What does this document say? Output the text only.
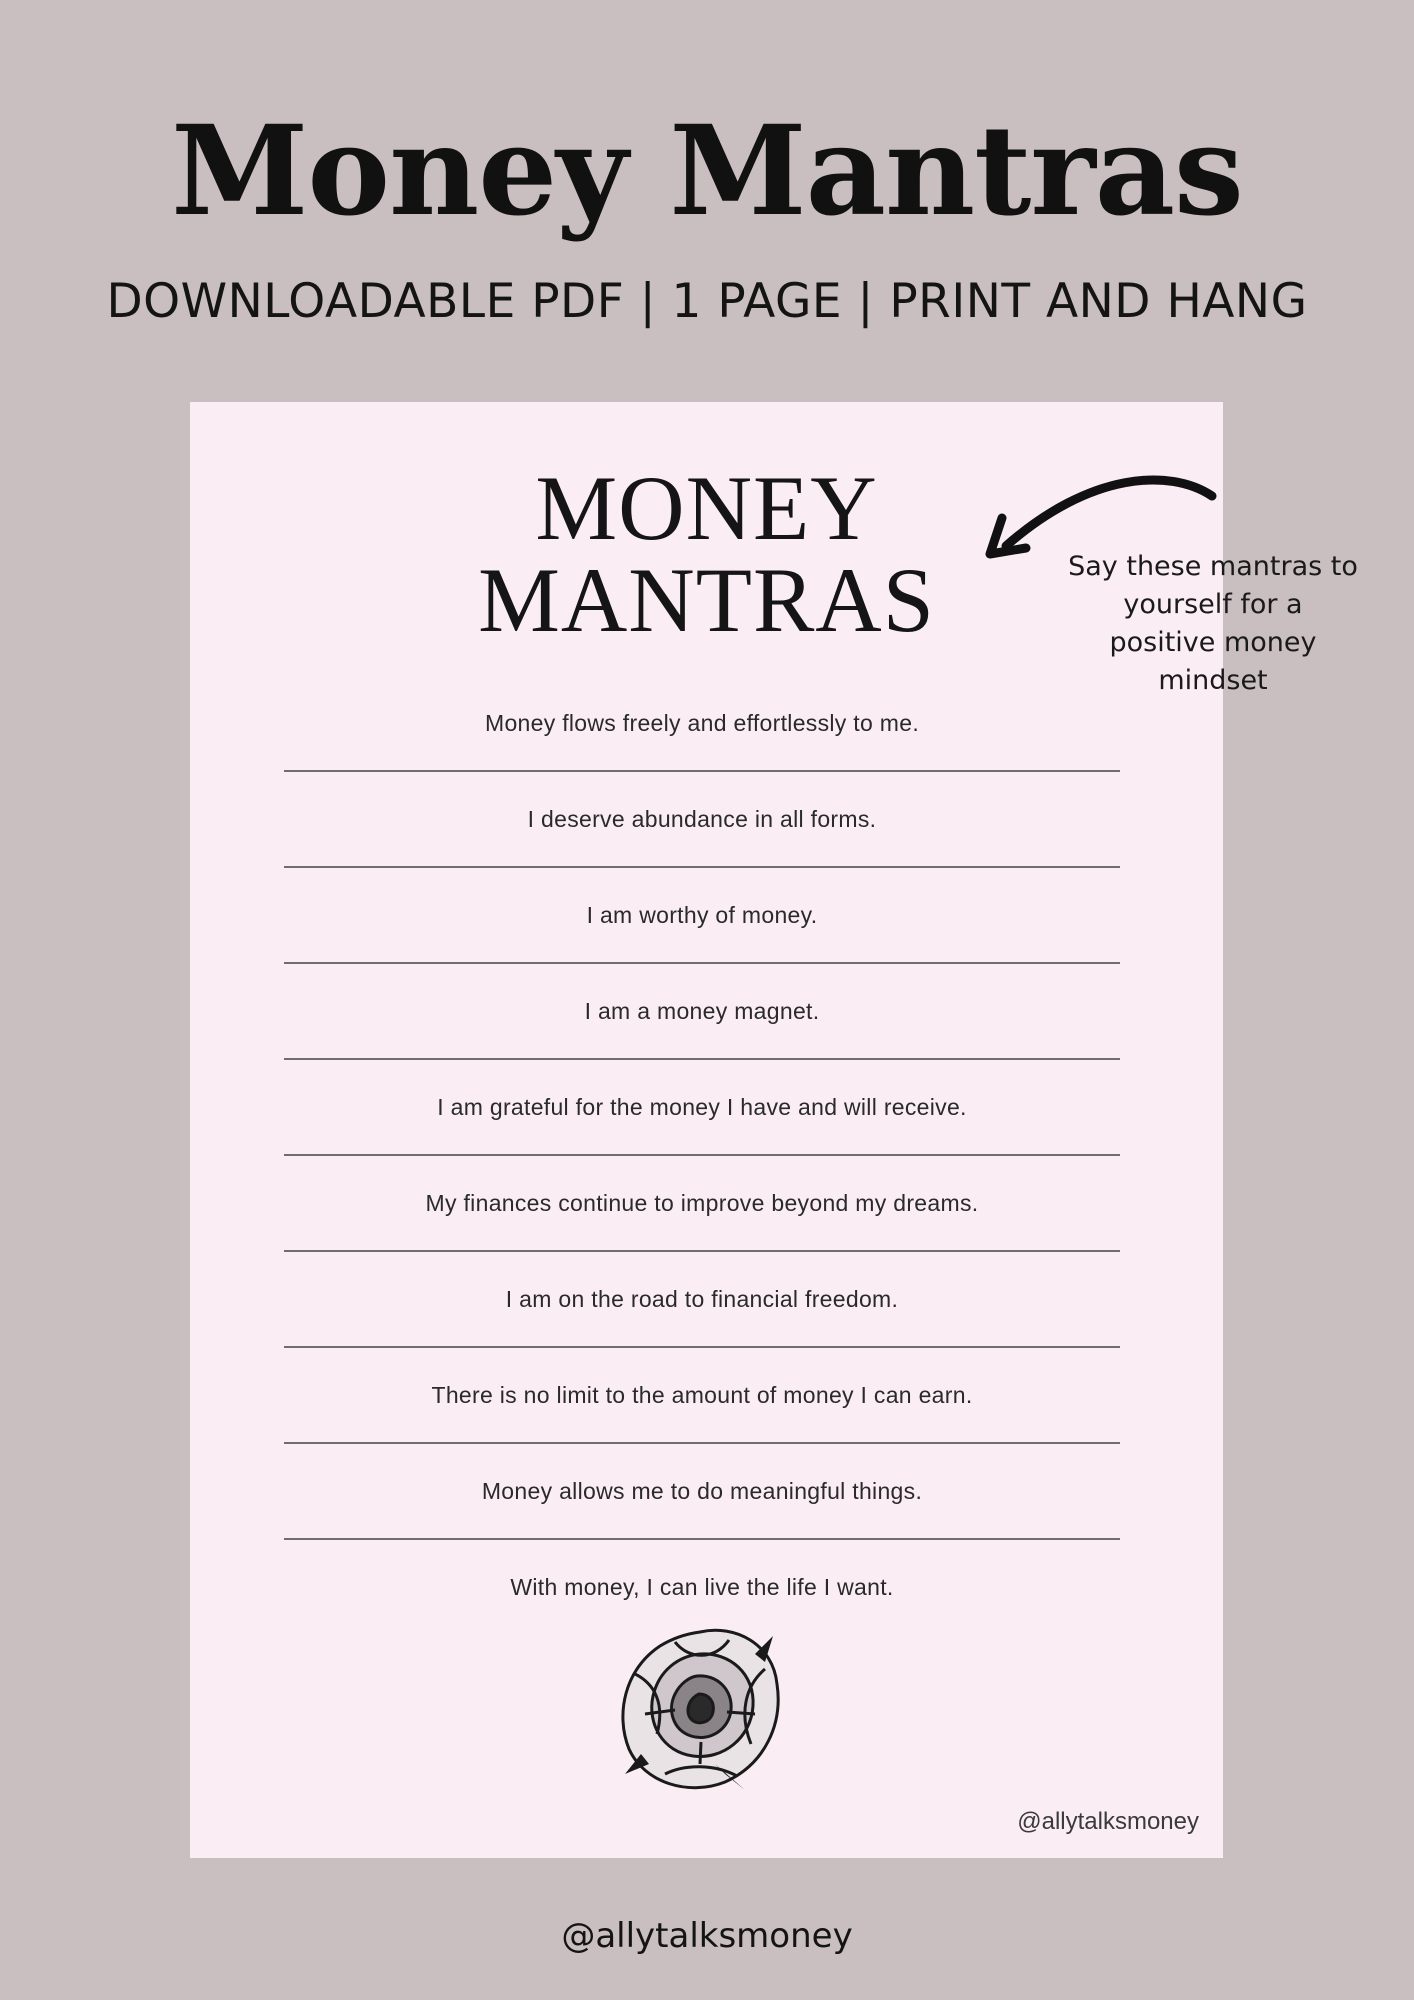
Money Mantras
DOWNLOADABLE PDF | 1 PAGE | PRINT AND HANG
MONEY
MANTRAS
Money flows freely and effortlessly to me.
I deserve abundance in all forms.
I am worthy of money.
I am a money magnet.
I am grateful for the money I have and will receive.
My finances continue to improve beyond my dreams.
I am on the road to financial freedom.
There is no limit to the amount of money I can earn.
Money allows me to do meaningful things.
With money, I can live the life I want.
@allytalksmoney
Say these mantras to yourself for a positive money mindset
@allytalksmoney
